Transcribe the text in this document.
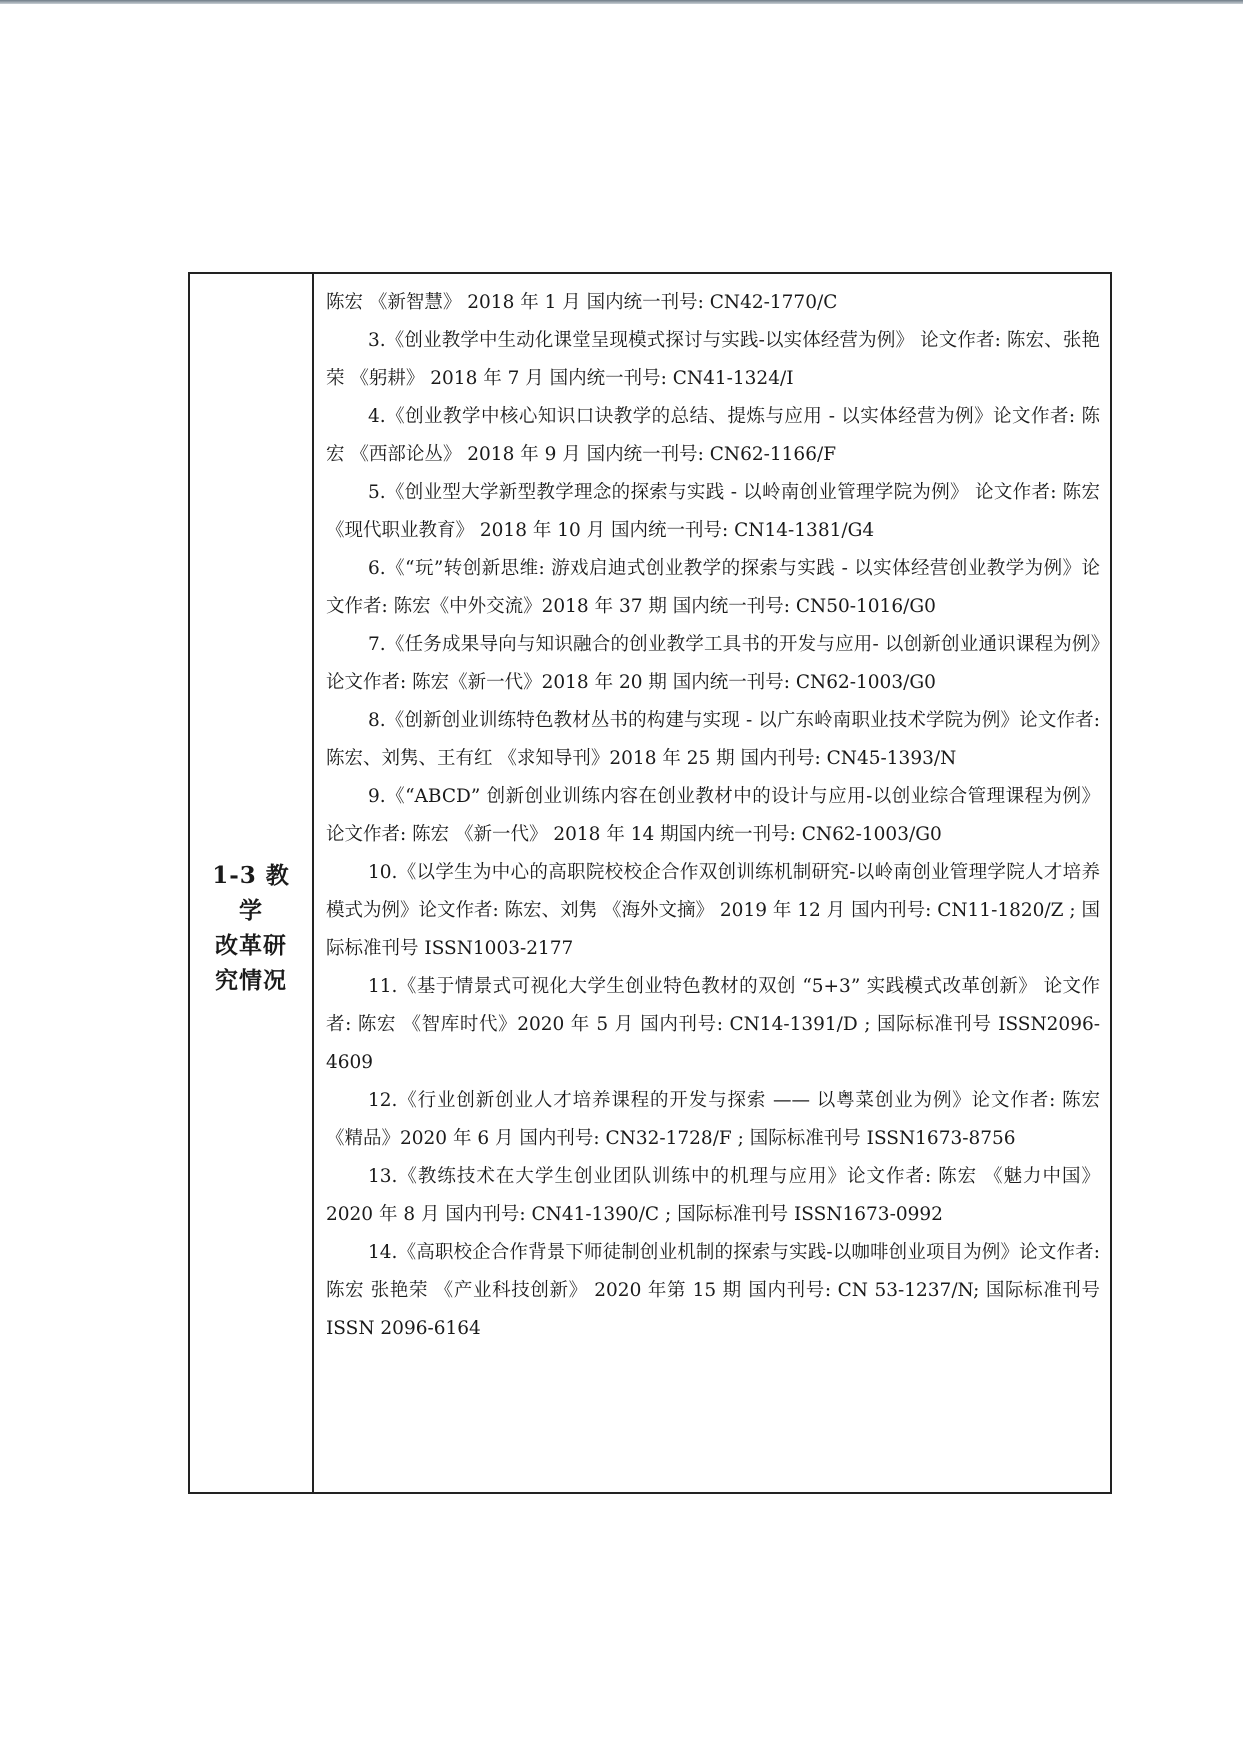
1-3 教学
改革研
究情况

陈宏 《新智慧》 2018 年 1 月 国内统一刊号: CN42-1770/C

3.《创业教学中生动化课堂呈现模式探讨与实践-以实体经营为例》 论文作者: 陈宏、张艳荣 《躬耕》 2018 年 7 月 国内统一刊号: CN41-1324/I

4.《创业教学中核心知识口诀教学的总结、提炼与应用 - 以实体经营为例》论文作者: 陈宏 《西部论丛》 2018 年 9 月 国内统一刊号: CN62-1166/F

5.《创业型大学新型教学理念的探索与实践 - 以岭南创业管理学院为例》 论文作者: 陈宏 《现代职业教育》 2018 年 10 月 国内统一刊号: CN14-1381/G4

6.《“玩”转创新思维: 游戏启迪式创业教学的探索与实践 - 以实体经营创业教学为例》论文作者: 陈宏《中外交流》2018 年 37 期 国内统一刊号: CN50-1016/G0

7.《任务成果导向与知识融合的创业教学工具书的开发与应用- 以创新创业通识课程为例》论文作者: 陈宏《新一代》2018 年 20 期 国内统一刊号: CN62-1003/G0

8.《创新创业训练特色教材丛书的构建与实现 - 以广东岭南职业技术学院为例》论文作者: 陈宏、刘隽、王有红 《求知导刊》2018 年 25 期 国内刊号: CN45-1393/N

9.《“ABCD” 创新创业训练内容在创业教材中的设计与应用-以创业综合管理课程为例》论文作者: 陈宏 《新一代》 2018 年 14 期国内统一刊号: CN62-1003/G0

10.《以学生为中心的高职院校校企合作双创训练机制研究-以岭南创业管理学院人才培养模式为例》论文作者: 陈宏、刘隽 《海外文摘》 2019 年 12 月 国内刊号: CN11-1820/Z ; 国际标准刊号 ISSN1003-2177

11.《基于情景式可视化大学生创业特色教材的双创 “5+3” 实践模式改革创新》 论文作者: 陈宏 《智库时代》2020 年 5 月 国内刊号: CN14-1391/D ; 国际标准刊号 ISSN2096-4609

12.《行业创新创业人才培养课程的开发与探索 —— 以粤菜创业为例》论文作者: 陈宏 《精品》2020 年 6 月 国内刊号: CN32-1728/F ; 国际标准刊号 ISSN1673-8756

13.《教练技术在大学生创业团队训练中的机理与应用》论文作者: 陈宏 《魅力中国》 2020 年 8 月 国内刊号: CN41-1390/C ; 国际标准刊号 ISSN1673-0992

14.《高职校企合作背景下师徒制创业机制的探索与实践-以咖啡创业项目为例》论文作者: 陈宏 张艳荣 《产业科技创新》 2020 年第 15 期 国内刊号: CN 53-1237/N; 国际标准刊号 ISSN 2096-6164
